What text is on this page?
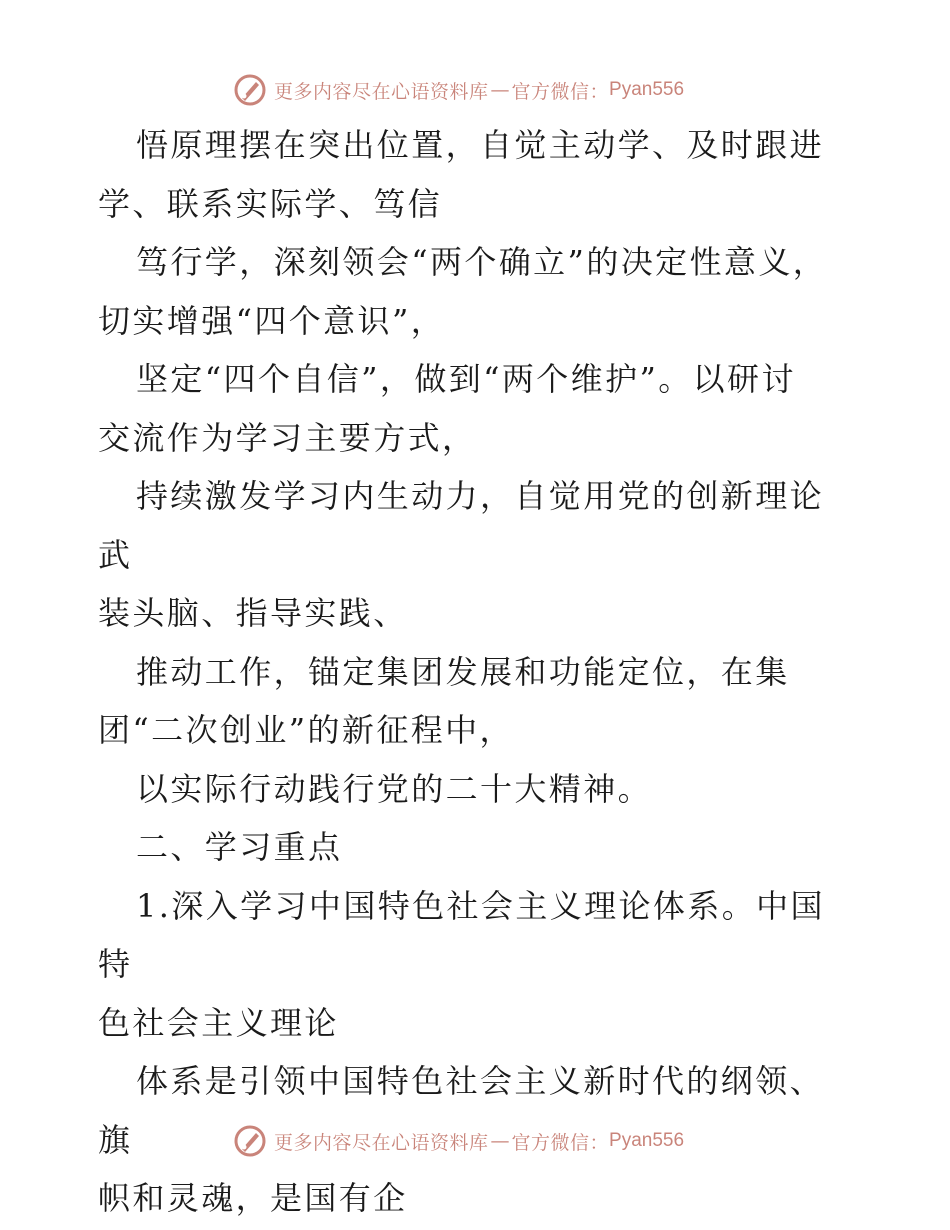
更多内容尽在心语资料库 — 官方微信： Pyan556

悟原理摆在突出位置，自觉主动学、及时跟进

学、联系实际学、笃信

笃行学，深刻领会“两个确立”的决定性意义，

切实增强“四个意识”，

坚定“四个自信”，做到“两个维护”。以研讨

交流作为学习主要方式，

持续激发学习内生动力，自觉用党的创新理论武

装头脑、指导实践、

推动工作，锚定集团发展和功能定位，在集

团“二次创业”的新征程中，

以实际行动践行党的二十大精神。

二、学习重点

1.深入学习中国特色社会主义理论体系。中国特

色社会主义理论

体系是引领中国特色社会主义新时代的纲领、旗

帜和灵魂，是国有企

更多内容尽在心语资料库 — 官方微信： Pyan556
